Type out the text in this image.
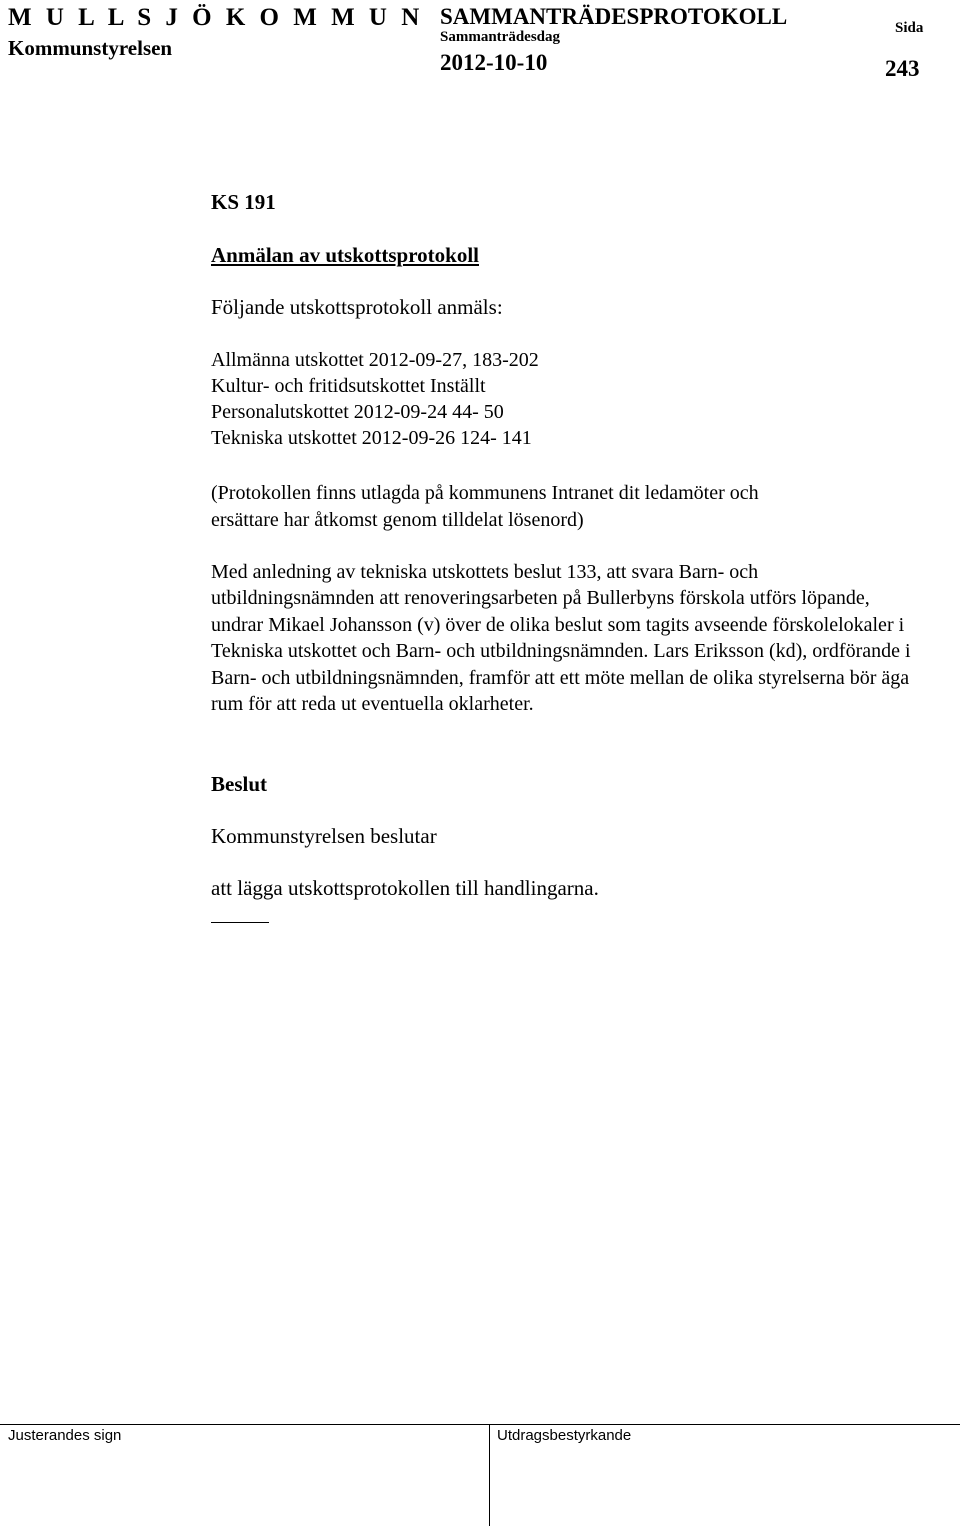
M U L L S J Ö K O M M U N
Kommunstyrelsen
SAMMANTRÄDESPROTOKOLL
Sammanträdesdag
2012-10-10
Sida
243
KS 191
Anmälan av utskottsprotokoll
Följande utskottsprotokoll anmäls:
Allmänna utskottet 2012-09-27, 183-202
Kultur- och fritidsutskottet Inställt
Personalutskottet 2012-09-24 44- 50
Tekniska utskottet 2012-09-26 124- 141
(Protokollen finns utlagda på kommunens Intranet dit ledamöter och
ersättare har åtkomst genom tilldelat lösenord)

Med anledning av tekniska utskottets beslut 133, att svara Barn- och utbildningsnämnden att renoveringsarbeten på Bullerbyns förskola utförs löpande, undrar Mikael Johansson (v) över de olika beslut som tagits avseende förskolelokaler i Tekniska utskottet och Barn- och utbildningsnämnden. Lars Eriksson (kd), ordförande i Barn- och utbildningsnämnden, framför att ett möte mellan de olika styrelserna bör äga rum för att reda ut eventuella oklarheter.

Beslut
Kommunstyrelsen beslutar
att lägga utskottsprotokollen till handlingarna.
Justerandes sign	Utdragsbestyrkande
